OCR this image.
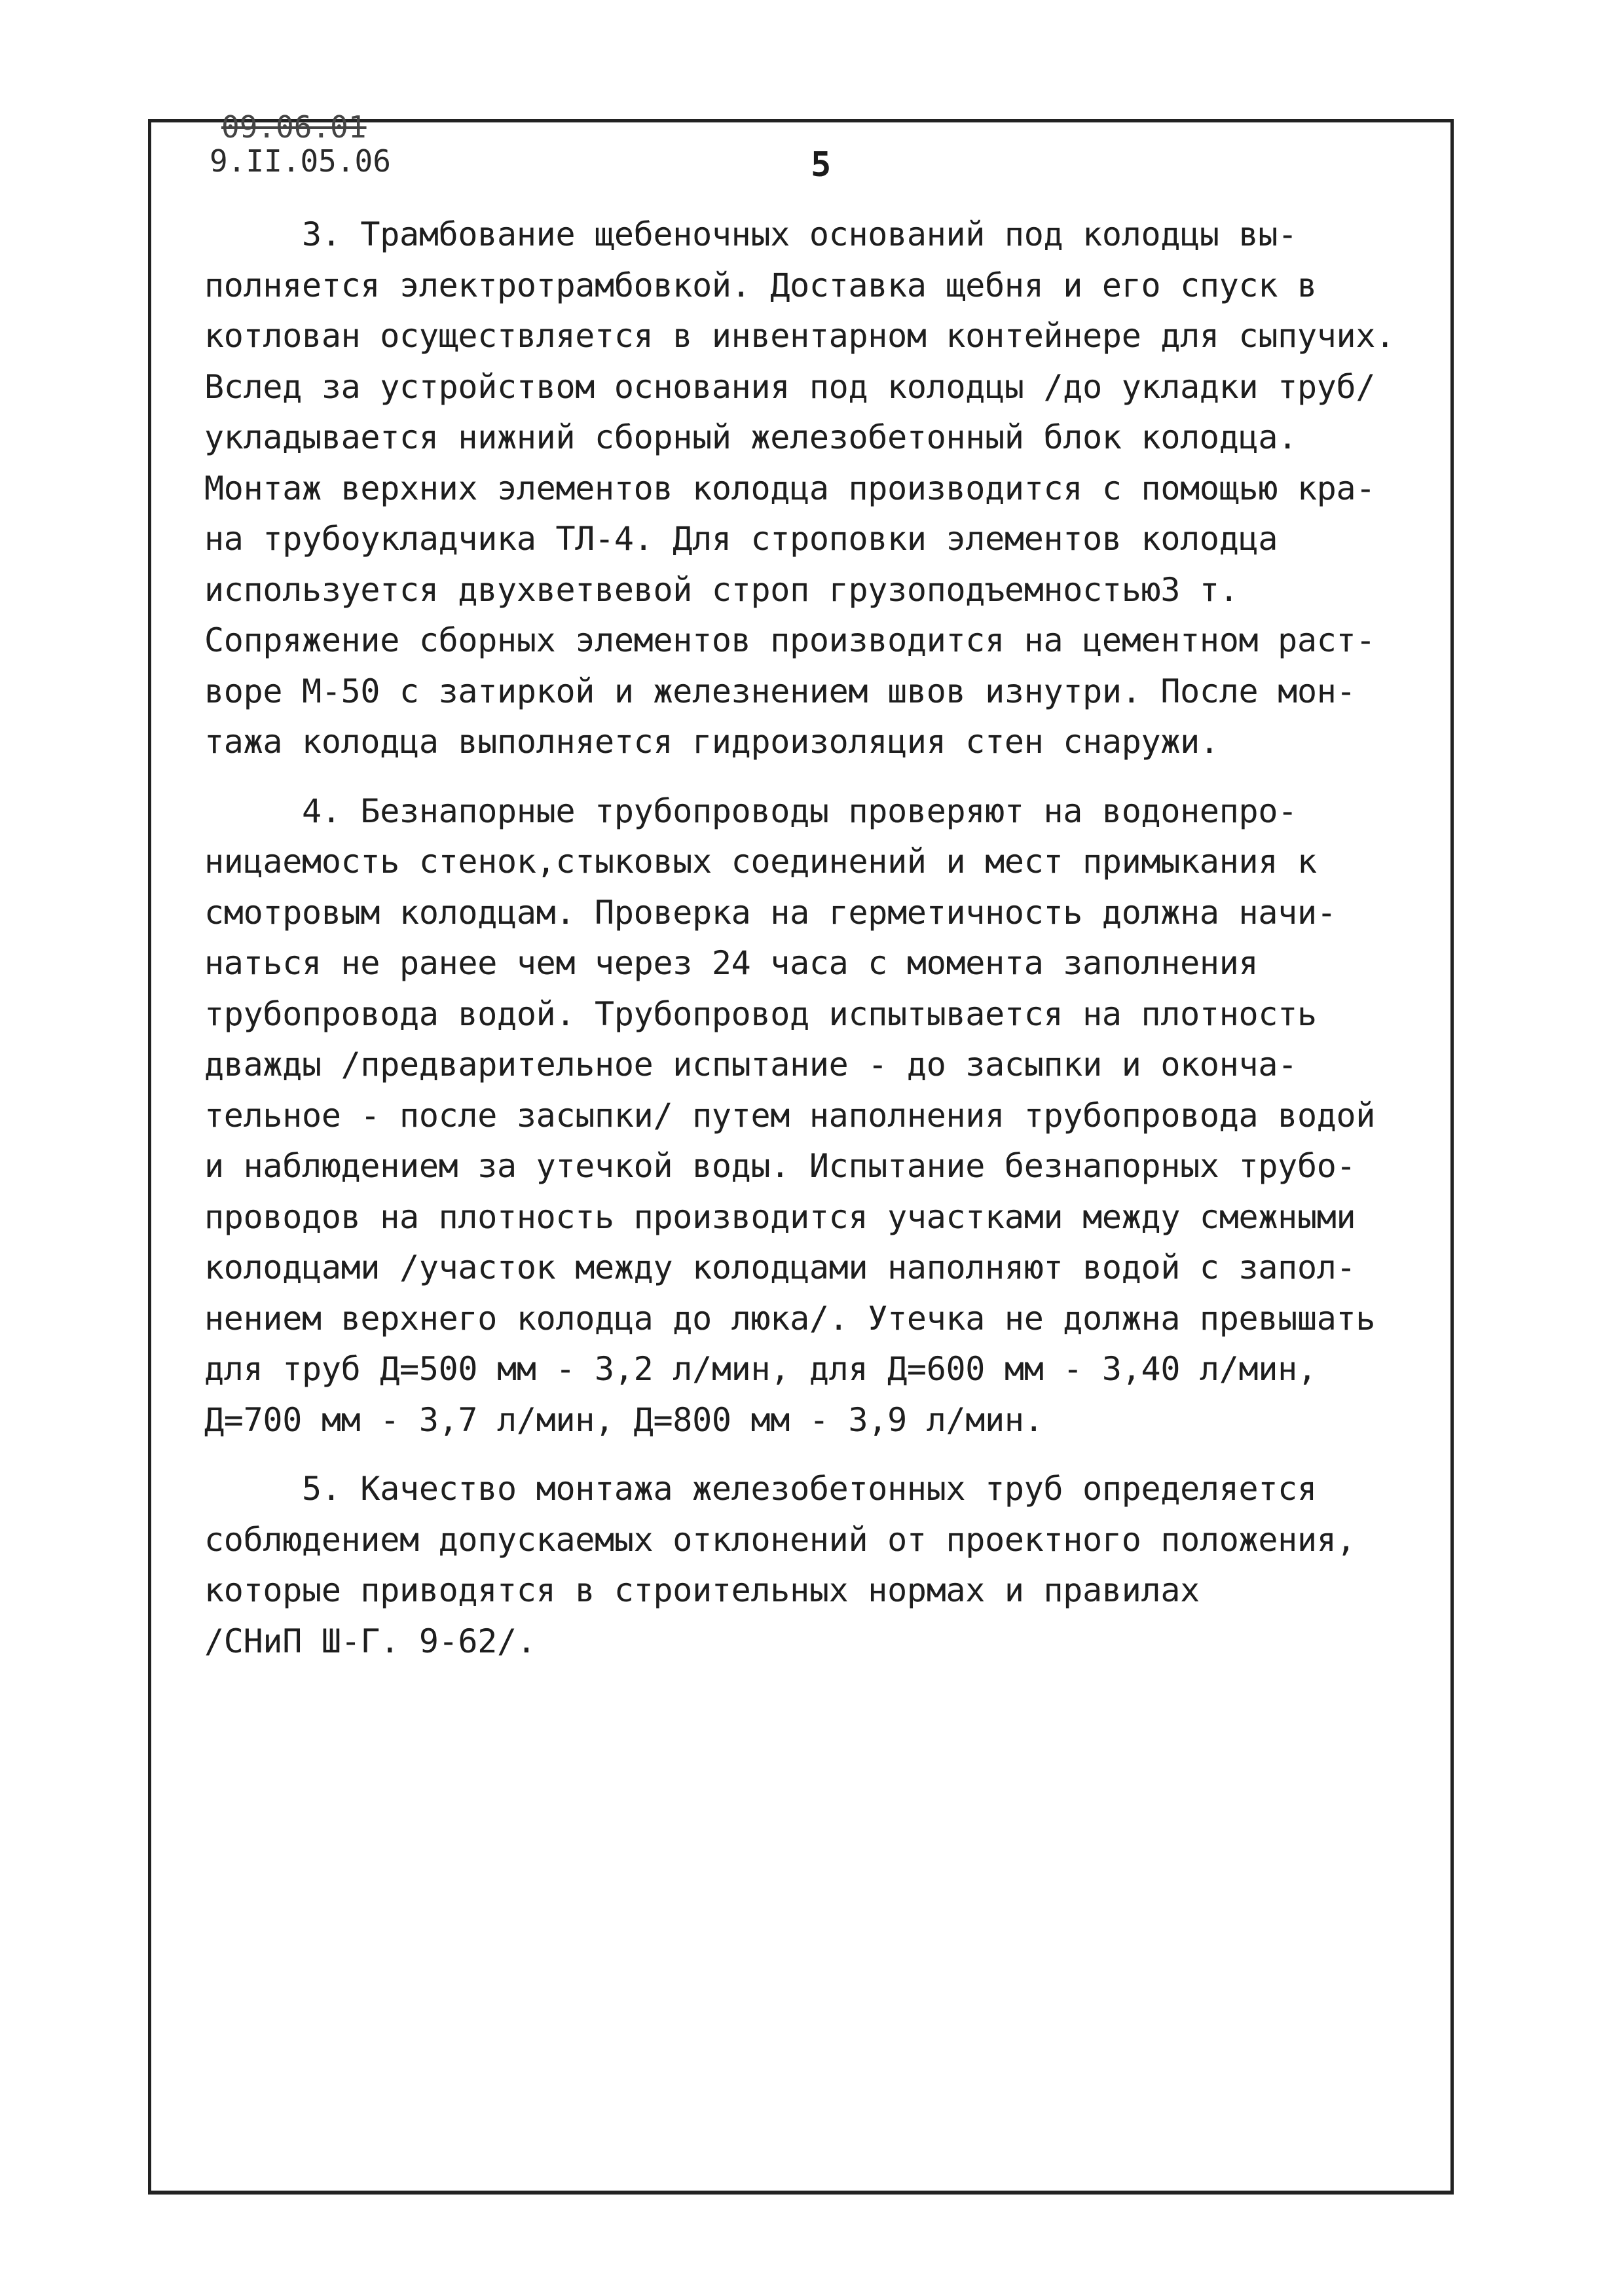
09.06.01
9.II.05.06	5
3. Трамбование щебеночных оснований под колодцы вы-
полняется электротрамбовкой. Доставка щебня и его спуск в
котлован осуществляется в инвентарном контейнере для сыпучих.
Вслед за устройством основания под колодцы /до укладки труб/
укладывается нижний сборный железобетонный блок колодца.
Монтаж верхних элементов колодца производится с помощью кра-
на трубоукладчика ТЛ-4. Для строповки элементов колодца
используется двухветвевой строп грузоподъемностью3 т.
Сопряжение сборных элементов производится на цементном раст-
воре М-50 с затиркой и железнением швов изнутри. После мон-
тажа колодца выполняется гидроизоляция стен снаружи.
4. Безнапорные трубопроводы проверяют на водонепро-
ницаемость стенок,стыковых соединений и мест примыкания к
смотровым колодцам. Проверка на герметичность должна начи-
наться не ранее чем через 24 часа с момента заполнения
трубопровода водой. Трубопровод испытывается на плотность
дважды /предварительное испытание - до засыпки и оконча-
тельное - после засыпки/ путем наполнения трубопровода водой
и наблюдением за утечкой воды. Испытание безнапорных трубо-
проводов на плотность производится участками между смежными
колодцами /участок между колодцами наполняют водой с запол-
нением верхнего колодца до люка/. Утечка не должна превышать
для труб Д=500 мм - 3,2 л/мин, для Д=600 мм - 3,40 л/мин,
Д=700 мм - 3,7 л/мин, Д=800 мм - 3,9 л/мин.
5. Качество монтажа железобетонных труб определяется
соблюдением допускаемых отклонений от проектного положения,
которые приводятся в строительных нормах и правилах
/СНиП Ш-Г. 9-62/.
